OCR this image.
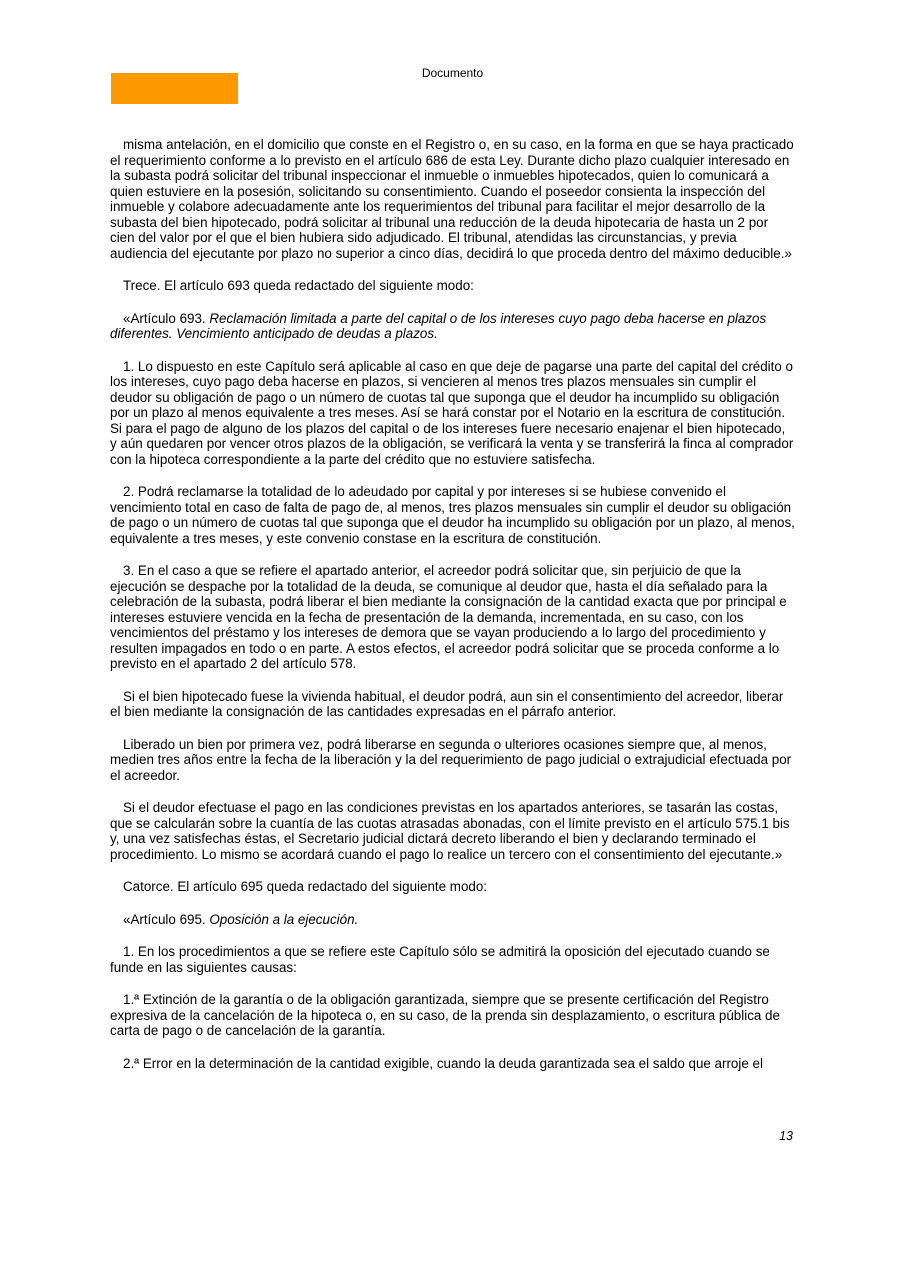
Documento

misma antelación, en el domicilio que conste en el Registro o, en su caso, en la forma en que se haya practicado el requerimiento conforme a lo previsto en el artículo 686 de esta Ley. Durante dicho plazo cualquier interesado en la subasta podrá solicitar del tribunal inspeccionar el inmueble o inmuebles hipotecados, quien lo comunicará a quien estuviere en la posesión, solicitando su consentimiento. Cuando el poseedor consienta la inspección del inmueble y colabore adecuadamente ante los requerimientos del tribunal para facilitar el mejor desarrollo de la subasta del bien hipotecado, podrá solicitar al tribunal una reducción de la deuda hipotecaria de hasta un 2 por cien del valor por el que el bien hubiera sido adjudicado. El tribunal, atendidas las circunstancias, y previa audiencia del ejecutante por plazo no superior a cinco días, decidirá lo que proceda dentro del máximo deducible.»

Trece. El artículo 693 queda redactado del siguiente modo:

«Artículo 693. Reclamación limitada a parte del capital o de los intereses cuyo pago deba hacerse en plazos diferentes. Vencimiento anticipado de deudas a plazos.

1. Lo dispuesto en este Capítulo será aplicable al caso en que deje de pagarse una parte del capital del crédito o los intereses, cuyo pago deba hacerse en plazos, si vencieren al menos tres plazos mensuales sin cumplir el deudor su obligación de pago o un número de cuotas tal que suponga que el deudor ha incumplido su obligación por un plazo al menos equivalente a tres meses. Así se hará constar por el Notario en la escritura de constitución. Si para el pago de alguno de los plazos del capital o de los intereses fuere necesario enajenar el bien hipotecado, y aún quedaren por vencer otros plazos de la obligación, se verificará la venta y se transferirá la finca al comprador con la hipoteca correspondiente a la parte del crédito que no estuviere satisfecha.

2. Podrá reclamarse la totalidad de lo adeudado por capital y por intereses si se hubiese convenido el vencimiento total en caso de falta de pago de, al menos, tres plazos mensuales sin cumplir el deudor su obligación de pago o un número de cuotas tal que suponga que el deudor ha incumplido su obligación por un plazo, al menos, equivalente a tres meses, y este convenio constase en la escritura de constitución.

3. En el caso a que se refiere el apartado anterior, el acreedor podrá solicitar que, sin perjuicio de que la ejecución se despache por la totalidad de la deuda, se comunique al deudor que, hasta el día señalado para la celebración de la subasta, podrá liberar el bien mediante la consignación de la cantidad exacta que por principal e intereses estuviere vencida en la fecha de presentación de la demanda, incrementada, en su caso, con los vencimientos del préstamo y los intereses de demora que se vayan produciendo a lo largo del procedimiento y resulten impagados en todo o en parte. A estos efectos, el acreedor podrá solicitar que se proceda conforme a lo previsto en el apartado 2 del artículo 578.

Si el bien hipotecado fuese la vivienda habitual, el deudor podrá, aun sin el consentimiento del acreedor, liberar el bien mediante la consignación de las cantidades expresadas en el párrafo anterior.

Liberado un bien por primera vez, podrá liberarse en segunda o ulteriores ocasiones siempre que, al menos, medien tres años entre la fecha de la liberación y la del requerimiento de pago judicial o extrajudicial efectuada por el acreedor.

Si el deudor efectuase el pago en las condiciones previstas en los apartados anteriores, se tasarán las costas, que se calcularán sobre la cuantía de las cuotas atrasadas abonadas, con el límite previsto en el artículo 575.1 bis y, una vez satisfechas éstas, el Secretario judicial dictará decreto liberando el bien y declarando terminado el procedimiento. Lo mismo se acordará cuando el pago lo realice un tercero con el consentimiento del ejecutante.»

Catorce. El artículo 695 queda redactado del siguiente modo:

«Artículo 695. Oposición a la ejecución.

1. En los procedimientos a que se refiere este Capítulo sólo se admitirá la oposición del ejecutado cuando se funde en las siguientes causas:

1.ª Extinción de la garantía o de la obligación garantizada, siempre que se presente certificación del Registro expresiva de la cancelación de la hipoteca o, en su caso, de la prenda sin desplazamiento, o escritura pública de carta de pago o de cancelación de la garantía.

2.ª Error en la determinación de la cantidad exigible, cuando la deuda garantizada sea el saldo que arroje el

13
